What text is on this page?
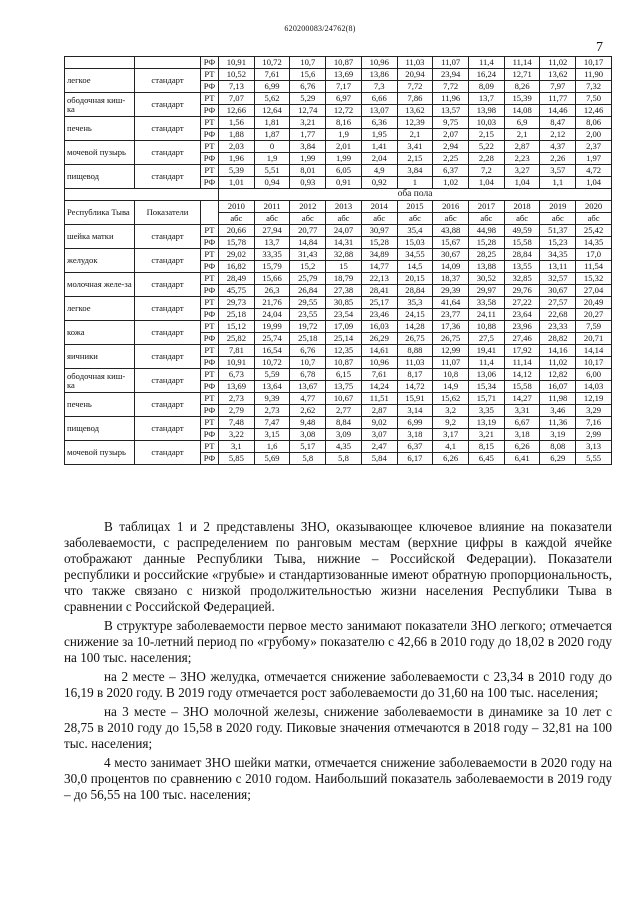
620200083/24762(8)
7
		РФ	10,91	10,72	10,7	10,87	10,96	11,03	11,07	11,4	11,14	11,02	10,17
легкое	стандарт	РТ	10,52	7,61	15,6	13,69	13,86	20,94	23,94	16,24	12,71	13,62	11,90
		РФ	7,13	6,99	6,76	7,17	7,3	7,72	7,72	8,09	8,26	7,97	7,32
ободочная киш-ка	стандарт	РТ	7,07	5,62	5,29	6,97	6,66	7,86	11,96	13,7	15,39	11,77	7,50
		РФ	12,66	12,64	12,74	12,72	13,07	13,62	13,57	13,98	14,08	14,46	12,46
печень	стандарт	РТ	1,56	1,81	3,21	8,16	6,36	12,39	9,75	10,03	6,9	8,47	8,06
		РФ	1,88	1,87	1,77	1,9	1,95	2,1	2,07	2,15	2,1	2,12	2,00
мочевой пузырь	стандарт	РТ	2,03	0	3,84	2,01	1,41	3,41	2,94	5,22	2,87	4,37	2,37
		РФ	1,96	1,9	1,99	1,99	2,04	2,15	2,25	2,28	2,23	2,26	1,97
пищевод	стандарт	РТ	5,39	5,51	8,01	6,05	4,9	3,84	6,37	7,2	3,27	3,57	4,72
		РФ	1,01	0,94	0,93	0,91	0,92	1	1,02	1,04	1,04	1,1	1,04
			оба пола										
Республика Тыва	Показатели		2010	2011	2012	2013	2014	2015	2016	2017	2018	2019	2020
			абс	абс	абс	абс	абс	абс	абс	абс	абс	абс	абс
шейка матки	стандарт	РТ	20,66	27,94	20,77	24,07	30,97	35,4	43,88	44,98	49,59	51,37	25,42
		РФ	15,78	13,7	14,84	14,31	15,28	15,03	15,67	15,28	15,58	15,23	14,35
желудок	стандарт	РТ	29,02	33,35	31,43	32,88	34,89	34,55	30,67	28,25	28,84	34,35	17,0
		РФ	16,82	15,79	15,2	15	14,77	14,5	14,09	13,88	13,55	13,11	11,54
молочная желе-за	стандарт	РТ	28,49	15,66	25,79	18,79	22,13	20,15	18,37	30,52	32,85	32,57	15,32
		РФ	45,75	26,3	26,84	27,38	28,41	28,84	29,39	29,97	29,76	30,67	27,04
легкое	стандарт	РТ	29,73	21,76	29,55	30,85	25,17	35,3	41,64	33,58	27,22	27,57	20,49
		РФ	25,18	24,04	23,55	23,54	23,46	24,15	23,77	24,11	23,64	22,68	20,27
кожа	стандарт	РТ	15,12	19,99	19,72	17,09	16,03	14,28	17,36	10,88	23,96	23,33	7,59
		РФ	25,82	25,74	25,18	25,14	26,29	26,75	26,75	27,5	27,46	28,82	20,71
яичники	стандарт	РТ	7,81	16,54	6,76	12,35	14,61	8,88	12,99	19,41	17,92	14,16	14,14
		РФ	10,91	10,72	10,7	10,87	10,96	11,03	11,07	11,4	11,14	11,02	10,17
ободочная киш-ка	стандарт	РТ	6,73	5,59	6,78	6,15	7,61	8,17	10,8	13,06	14,12	12,82	6,00
		РФ	13,69	13,64	13,67	13,75	14,24	14,72	14,9	15,34	15,58	16,07	14,03
печень	стандарт	РТ	2,73	9,39	4,77	10,67	11,51	15,91	15,62	15,71	14,27	11,98	12,19
		РФ	2,79	2,73	2,62	2,77	2,87	3,14	3,2	3,35	3,31	3,46	3,29
пищевод	стандарт	РТ	7,48	7,47	9,48	8,84	9,02	6,99	9,2	13,19	6,67	11,36	7,16
		РФ	3,22	3,15	3,08	3,09	3,07	3,18	3,17	3,21	3,18	3,19	2,99
мочевой пузырь	стандарт	РТ	3,1	1,6	5,17	4,35	2,47	6,37	4,1	8,15	6,26	8,08	3,13
		РФ	5,85	5,69	5,8	5,8	5,84	6,17	6,26	6,45	6,41	6,29	5,55

В таблицах 1 и 2 представлены ЗНО, оказывающее ключевое влияние на показатели заболеваемости, с распределением по ранговым местам (верхние цифры в каждой ячейке отображают данные Республики Тыва, нижние – Российской Федерации). Показатели республики и российские «грубые» и стандартизованные имеют обратную пропорциональность, что также связано с низкой продолжительностью жизни населения Республики Тыва в сравнении с Российской Федерацией.

В структуре заболеваемости первое место занимают показатели ЗНО легкого; отмечается снижение за 10-летний период по «грубому» показателю с 42,66 в 2010 году до 18,02 в 2020 году на 100 тыс. населения;

на 2 месте – ЗНО желудка, отмечается снижение заболеваемости с 23,34 в 2010 году до 16,19 в 2020 году. В 2019 году отмечается рост заболеваемости до 31,60 на 100 тыс. населения;

на 3 месте – ЗНО молочной железы, снижение заболеваемости в динамике за 10 лет с 28,75 в 2010 году до 15,58 в 2020 году. Пиковые значения отмечаются в 2018 году – 32,81 на 100 тыс. населения;

4 место занимает ЗНО шейки матки, отмечается снижение заболеваемости в 2020 году на 30,0 процентов по сравнению с 2010 годом. Наибольший показатель заболеваемости в 2019 году – до 56,55 на 100 тыс. населения;
